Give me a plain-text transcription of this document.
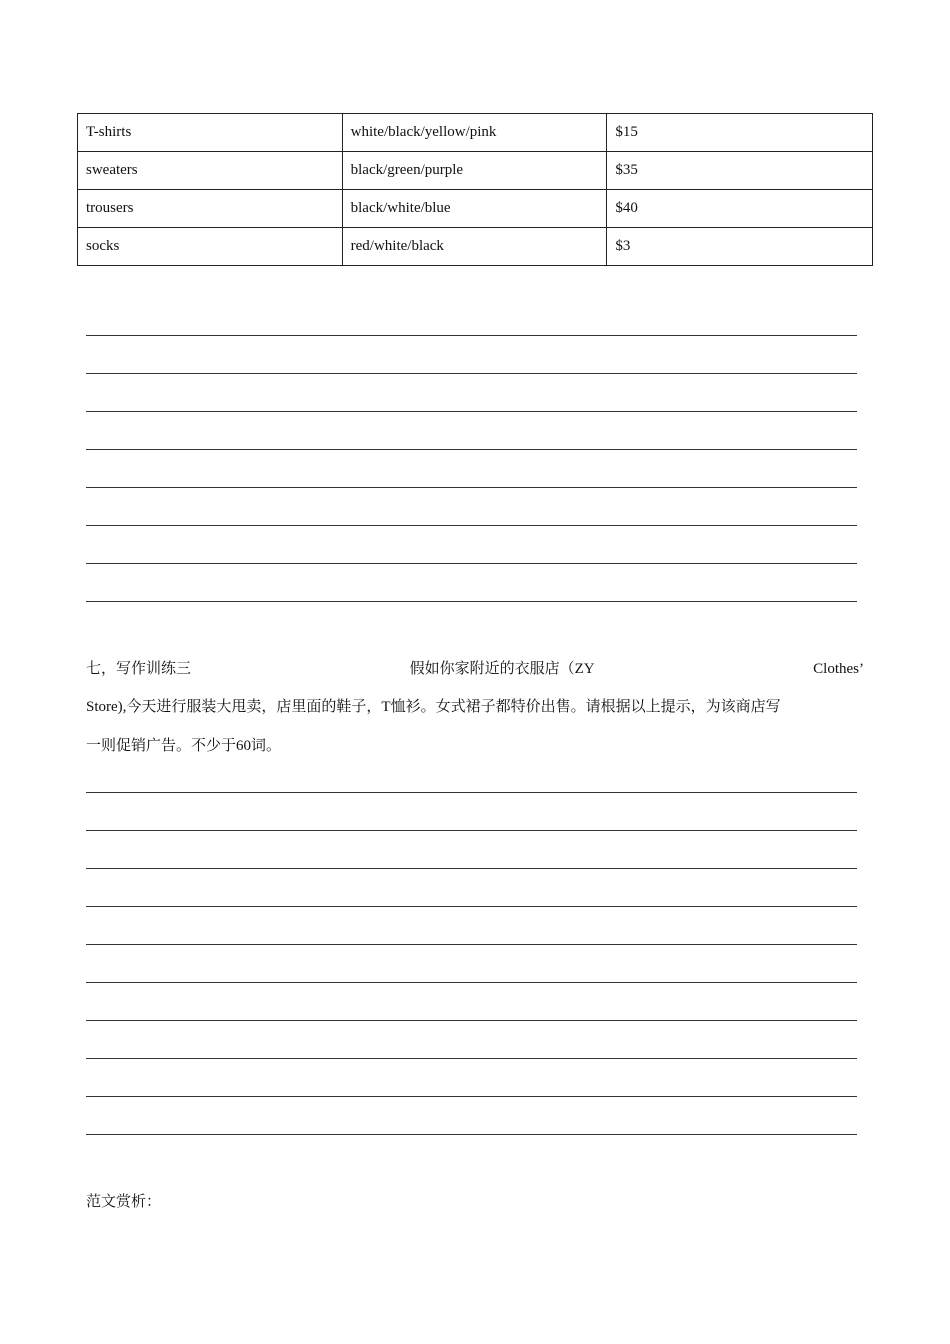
T-shirts	white/black/yellow/pink	$15
sweaters	black/green/purple	$35
trousers	black/white/blue	$40
socks	red/white/black	$3
七，写作训练三	假如你家附近的衣服店（ZY	Clothes’
Store),今天进行服装大甩卖，店里面的鞋子，T恤衫。女式裙子都特价出售。请根据以上提示，为该商店写
一则促销广告。不少于60词。
范文赏析：
